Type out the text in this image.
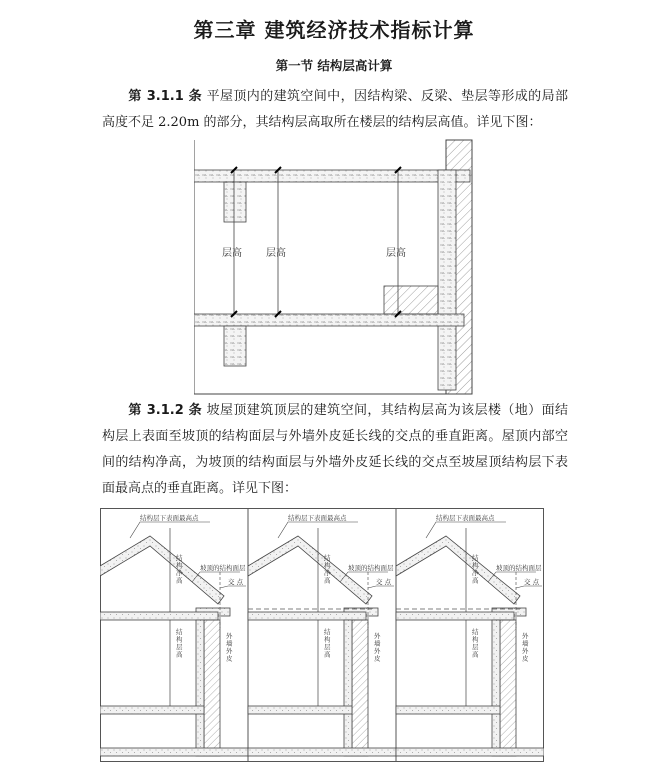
第三章 建筑经济技术指标计算
第一节 结构层高计算
第 3.1.1 条 平屋顶内的建筑空间中，因结构梁、反梁、垫层等形成的局部高度不足 2.20m 的部分，其结构层高取所在楼层的结构层高值。详见下图：
层高 层高	层高
第 3.1.2 条 坡屋顶建筑顶层的建筑空间，其结构层高为该层楼（地）面结构层上表面至坡顶的结构面层与外墙外皮延长线的交点的垂直距离。屋顶内部空间的结构净高，为坡顶的结构面层与外墙外皮延长线的交点至坡屋顶结构层下表面最高点的垂直距离。详见下图：
结构层下表面最高点
坡顶的结构面层
交 点
结构净高
结构层高
外墙外皮
结构层下表面最高点
坡顶的结构面层
交 点
结构净高
结构层高
外墙外皮
结构层下表面最高点
坡顶的结构面层
交 点
结构净高
结构层高
外墙外皮
